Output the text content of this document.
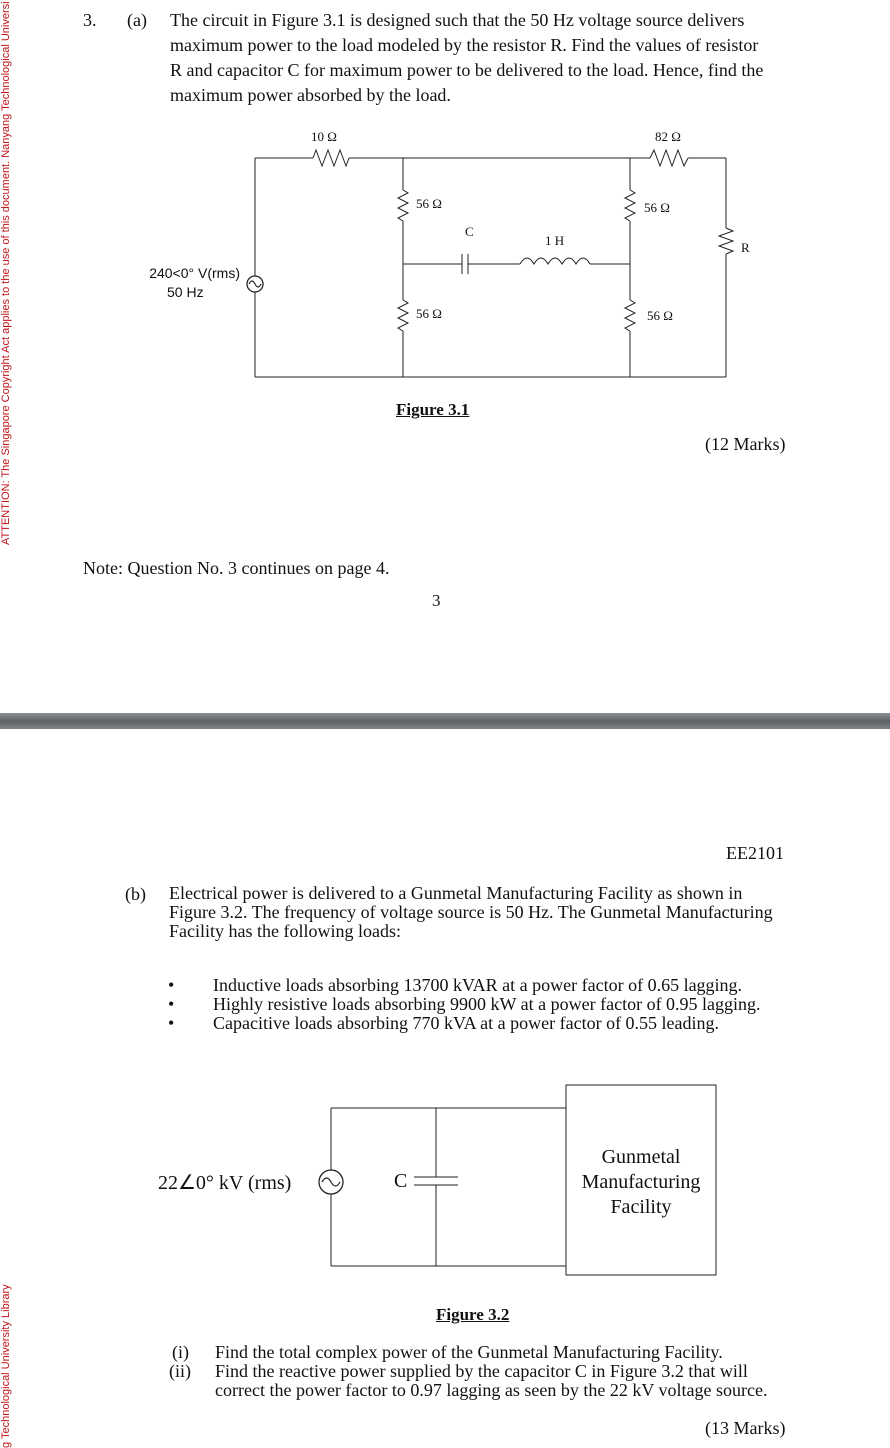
ATTENTION: The Singapore Copyright Act applies to the use of this document. Nanyang Technological Universi
g Technological University Library
3. (a) The circuit in Figure 3.1 is designed such that the 50 Hz voltage source delivers
maximum power to the load modeled by the resistor R. Find the values of resistor
R and capacitor C for maximum power to be delivered to the load. Hence, find the
maximum power absorbed by the load.
10 Ω	82 Ω
56 Ω
56 Ω
56 Ω
56 Ω
C
1 H	R
240<0° V(rms)
50 Hz
Figure 3.1
(12 Marks)
Note: Question No. 3 continues on page 4.
3
EE2101
(b) Electrical power is delivered to a Gunmetal Manufacturing Facility as shown in
Figure 3.2. The frequency of voltage source is 50 Hz. The Gunmetal Manufacturing
Facility has the following loads:
• Inductive loads absorbing 13700 kVAR at a power factor of 0.65 lagging.
• Highly resistive loads absorbing 9900 kW at a power factor of 0.95 lagging.
• Capacitive loads absorbing 770 kVA at a power factor of 0.55 leading.
22∠0° kV (rms)	C
Gunmetal
Manufacturing
Facility
Figure 3.2
(i) Find the total complex power of the Gunmetal Manufacturing Facility.
(ii) Find the reactive power supplied by the capacitor C in Figure 3.2 that will
correct the power factor to 0.97 lagging as seen by the 22 kV voltage source.
(13 Marks)
